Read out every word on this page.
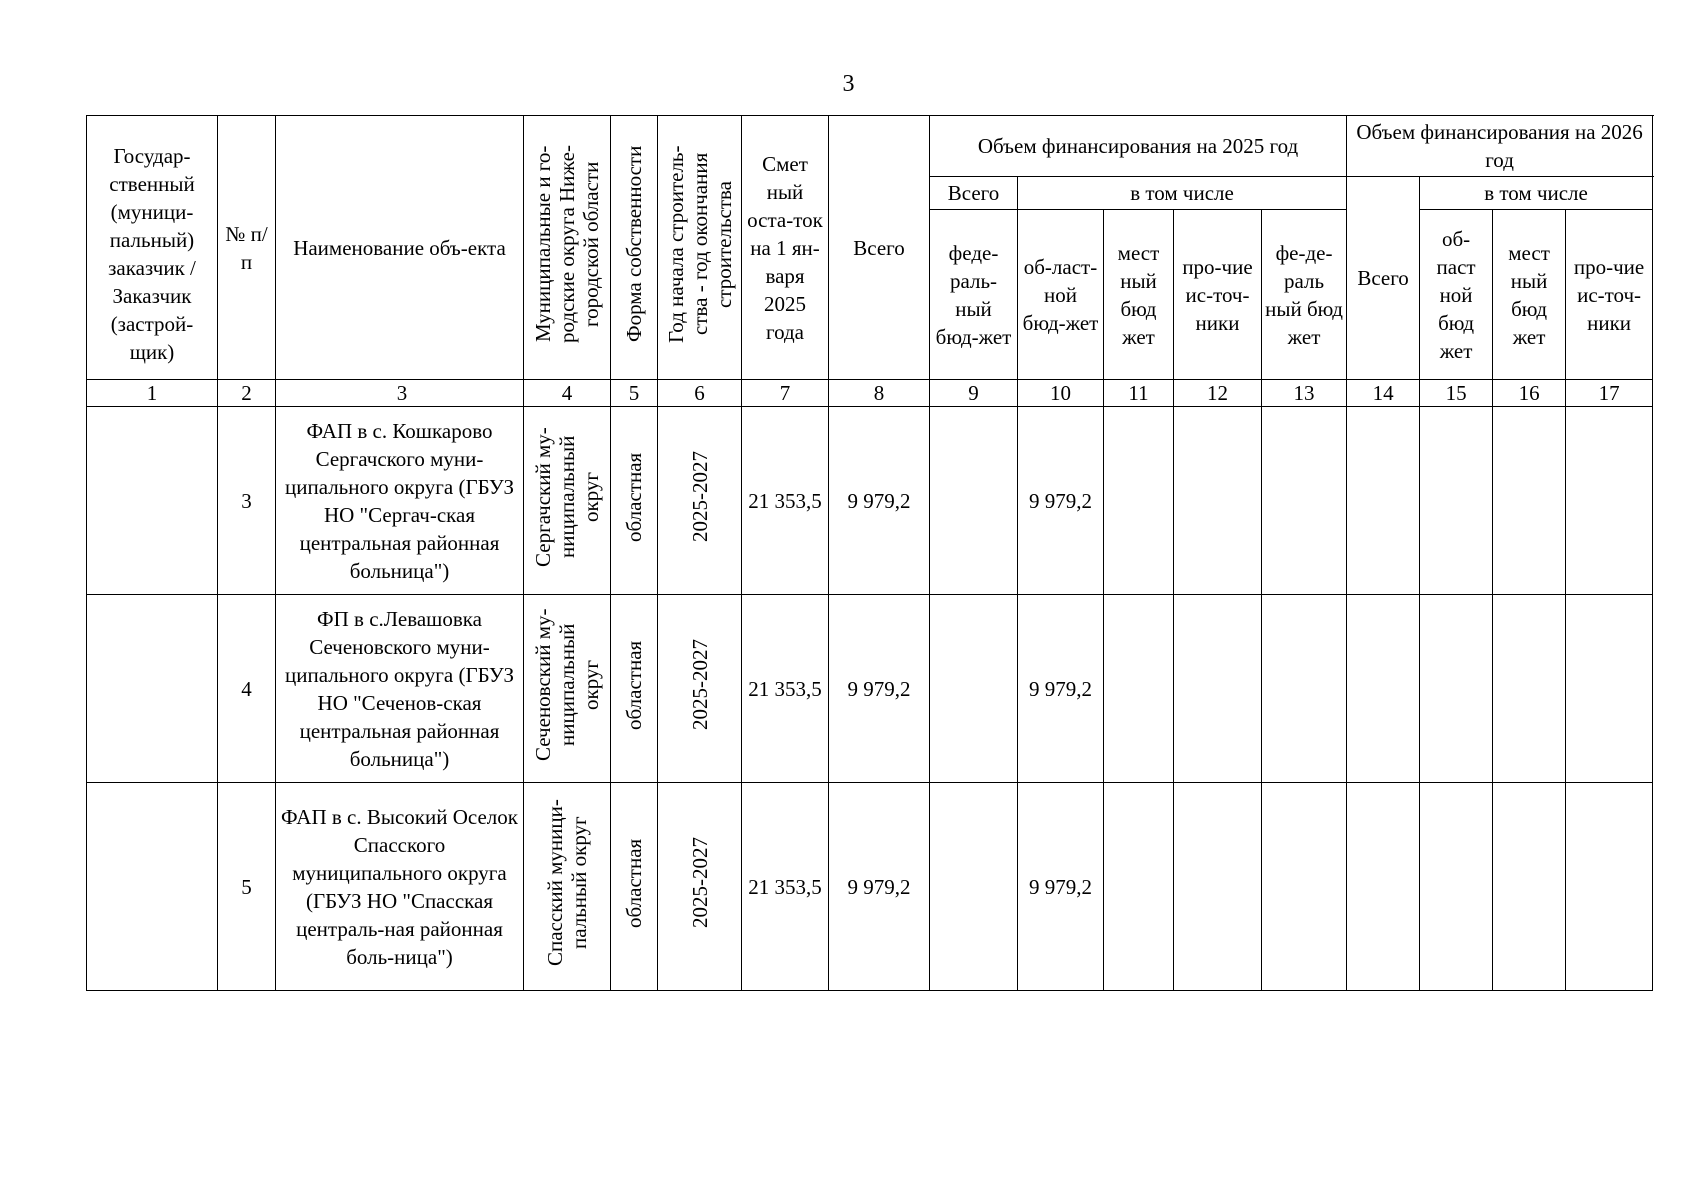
3
Государ-ственный (муници-пальный) заказчик / Заказчик (застрой-щик)	№ п/п	Наименование объ-екта	Муниципальные и го-родские округа Ниже-городской области	Форма собственности	Год начала строитель-ства - год окончания строительства	Смет ный оста-ток на 1 ян-варя 2025 года	Всего	Объем финансирования на 2025 год					Объем финансирования на 2026 год			
								Всего	в том числе				Всего	в том числе		
								феде-раль-ный бюд-жет	об-ласт-ной бюд-жет	мест ный бюд жет	про-чие ис-точ-ники	фе-де-раль ный бюд жет		об-паст ной бюд жет	мест ный бюд жет	про-чие ис-точ-ники
1	2	3	4	5	6	7	8	9	10	11	12	13	14	15	16	17
	3	ФАП в с. Кошкарово Сергачского муни-ципального округа (ГБУЗ НО "Сергач-ская центральная районная больница")	Сергачский му-ниципальный округ	областная	2025-2027	21 353,5	9 979,2		9 979,2							
	4	ФП в с.Левашовка Сеченовского муни-ципального округа (ГБУЗ НО "Сеченов-ская центральная районная больница")	Сеченовский му-ниципальный округ	областная	2025-2027	21 353,5	9 979,2		9 979,2							
	5	ФАП в с. Высокий Оселок Спасского муниципального округа (ГБУЗ НО "Спасская централь-ная районная боль-ница")	Спасский муници-пальный округ	областная	2025-2027	21 353,5	9 979,2		9 979,2							
